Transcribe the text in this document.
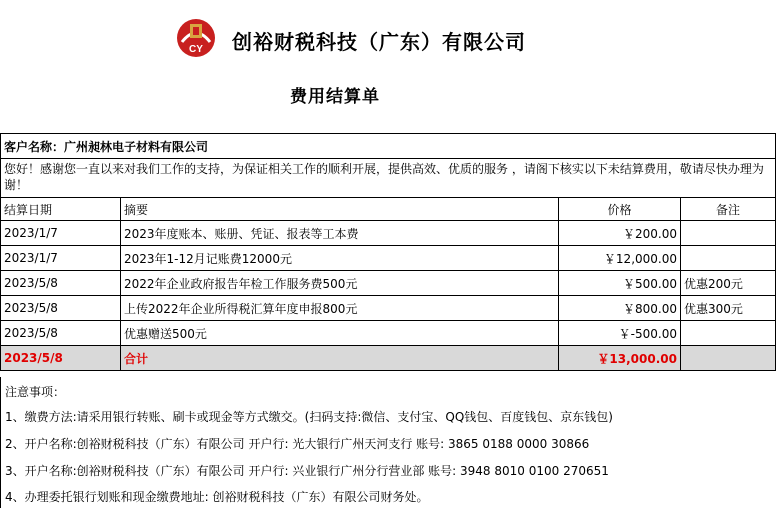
CY 创裕财税科技（广东）有限公司
费用结算单
客户名称：广州昶林电子材料有限公司			
您好！感谢您一直以来对我们工作的支持，为保证相关工作的顺利开展，提供高效、优质的服务 ，请阁下核实以下未结算费用，敬请尽快办理为谢！			
结算日期	摘要	价格	备注
2023/1/7	2023年度账本、账册、凭证、报表等工本费	￥200.00	
2023/1/7	2023年1-12月记账费12000元	￥12,000.00	
2023/5/8	2022年企业政府报告年检工作服务费500元	￥500.00	优惠200元
2023/5/8	上传2022年企业所得税汇算年度申报800元	￥800.00	优惠300元
2023/5/8	优惠赠送500元	￥-500.00	
2023/5/8	合计	￥13,000.00	
注意事项：
1、缴费方法:请采用银行转账、刷卡或现金等方式缴交。(扫码支持:微信、支付宝、QQ钱包、百度钱包、京东钱包)
2、开户名称:创裕财税科技（广东）有限公司 开户行: 光大银行广州天河支行 账号: 3865 0188 0000 30866
3、开户名称:创裕财税科技（广东）有限公司 开户行: 兴业银行广州分行营业部 账号: 3948 8010 0100 270651
4、办理委托银行划账和现金缴费地址: 创裕财税科技（广东）有限公司财务处。
